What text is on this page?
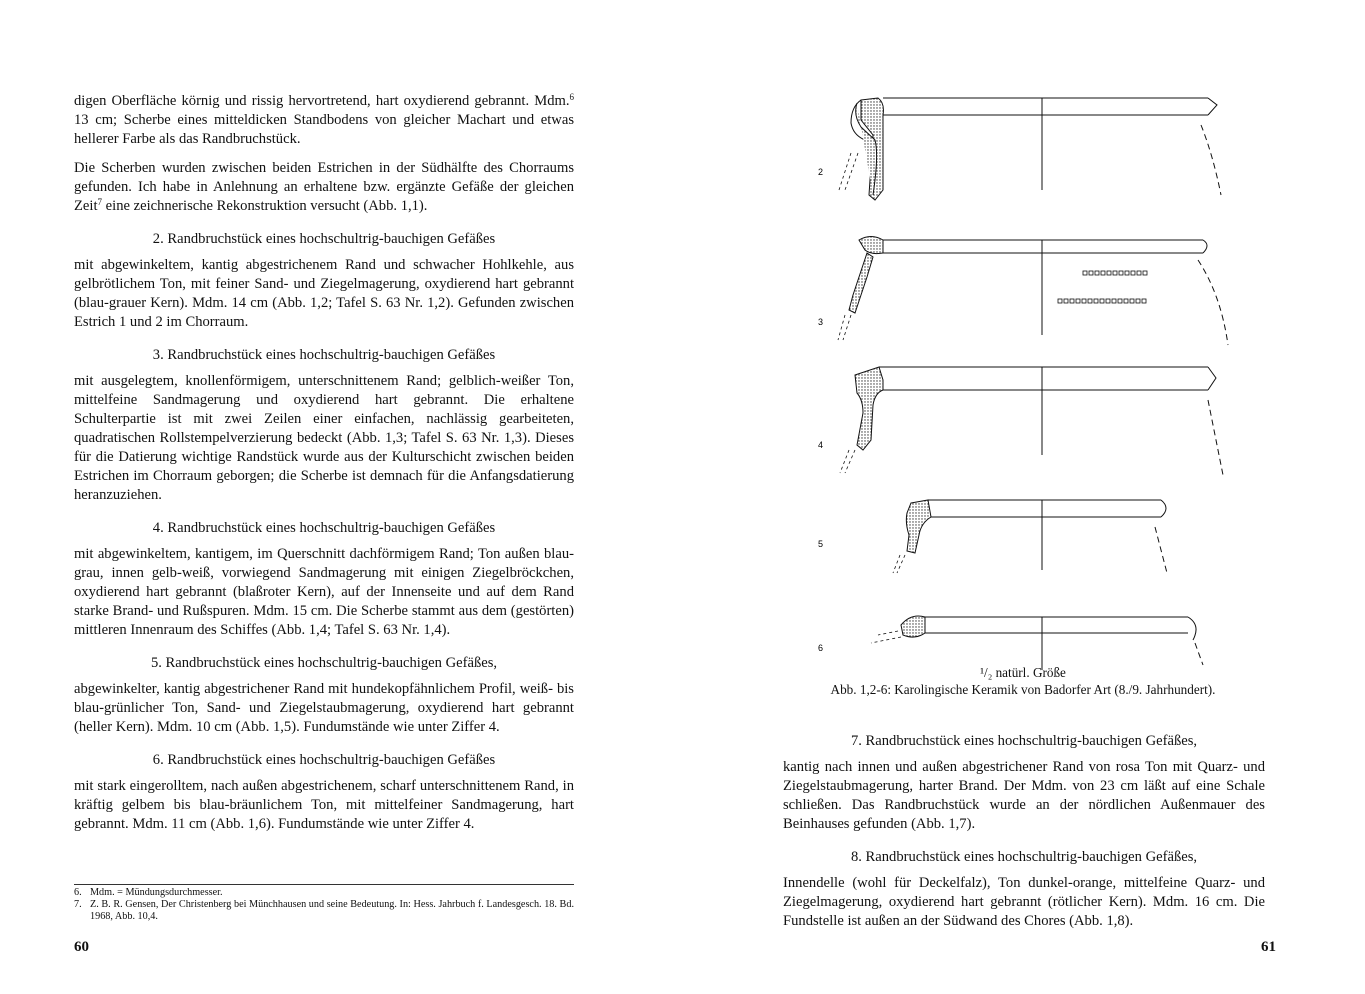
digen Oberfläche körnig und rissig hervortretend, hart oxydierend gebrannt. Mdm.$^6$ 13 cm; Scherbe eines mitteldicken Standbodens von gleicher Machart und etwas hellerer Farbe als das Randbruchstück.

Die Scherben wurden zwischen beiden Estrichen in der Südhälfte des Chorraums gefunden. Ich habe in Anlehnung an erhaltene bzw. ergänzte Gefäße der gleichen Zeit$^7$ eine zeichnerische Rekonstruktion versucht (Abb. 1,1).

2. Randbruchstück eines hochschultrig-bauchigen Gefäßes

mit abgewinkeltem, kantig abgestrichenem Rand und schwacher Hohlkehle, aus gelbrötlichem Ton, mit feiner Sand- und Ziegelmagerung, oxydierend hart gebrannt (blau-grauer Kern). Mdm. 14 cm (Abb. 1,2; Tafel S. 63 Nr. 1,2). Gefunden zwischen Estrich 1 und 2 im Chorraum.

3. Randbruchstück eines hochschultrig-bauchigen Gefäßes

mit ausgelegtem, knollenförmigem, unterschnittenem Rand; gelblich-weißer Ton, mittelfeine Sandmagerung und oxydierend hart gebrannt. Die erhaltene Schulterpartie ist mit zwei Zeilen einer einfachen, nachlässig gearbeiteten, quadratischen Rollstempelverzierung bedeckt (Abb. 1,3; Tafel S. 63 Nr. 1,3). Dieses für die Datierung wichtige Randstück wurde aus der Kulturschicht zwischen beiden Estrichen im Chorraum geborgen; die Scherbe ist demnach für die Anfangsdatierung heranzuziehen.

4. Randbruchstück eines hochschultrig-bauchigen Gefäßes

mit abgewinkeltem, kantigem, im Querschnitt dachförmigem Rand; Ton außen blau-grau, innen gelb-weiß, vorwiegend Sandmagerung mit einigen Ziegelbröckchen, oxydierend hart gebrannt (blaßroter Kern), auf der Innenseite und auf dem Rand starke Brand- und Rußspuren. Mdm. 15 cm. Die Scherbe stammt aus dem (gestörten) mittleren Innenraum des Schiffes (Abb. 1,4; Tafel S. 63 Nr. 1,4).

5. Randbruchstück eines hochschultrig-bauchigen Gefäßes,

abgewinkelter, kantig abgestrichener Rand mit hundekopfähnlichem Profil, weiß- bis blau-grünlicher Ton, Sand- und Ziegelstaubmagerung, oxydierend hart gebrannt (heller Kern). Mdm. 10 cm (Abb. 1,5). Fundumstände wie unter Ziffer 4.

6. Randbruchstück eines hochschultrig-bauchigen Gefäßes

mit stark eingerolltem, nach außen abgestrichenem, scharf unterschnittenem Rand, in kräftig gelbem bis blau-bräunlichem Ton, mit mittelfeiner Sandmagerung, hart gebrannt. Mdm. 11 cm (Abb. 1,6). Fundumstände wie unter Ziffer 4.

6. Mdm. = Mündungsdurchmesser.
7. Z. B. R. Gensen, Der Christenberg bei Münchhausen und seine Bedeutung. In: Hess. Jahrbuch f. Landesgesch. 18. Bd. 1968, Abb. 10,4.
60
2
3
4
5
6
¹/₂ natürl. Größe
Abb. 1,2-6: Karolingische Keramik von Badorfer Art (8./9. Jahrhundert).
7. Randbruchstück eines hochschultrig-bauchigen Gefäßes,

kantig nach innen und außen abgestrichener Rand von rosa Ton mit Quarz- und Ziegelstaubmagerung, harter Brand. Der Mdm. von 23 cm läßt auf eine Schale schließen. Das Randbruchstück wurde an der nördlichen Außenmauer des Beinhauses gefunden (Abb. 1,7).

8. Randbruchstück eines hochschultrig-bauchigen Gefäßes,

Innendelle (wohl für Deckelfalz), Ton dunkel-orange, mittelfeine Quarz- und Ziegelmagerung, oxydierend hart gebrannt (rötlicher Kern). Mdm. 16 cm. Die Fundstelle ist außen an der Südwand des Chores (Abb. 1,8).

61
